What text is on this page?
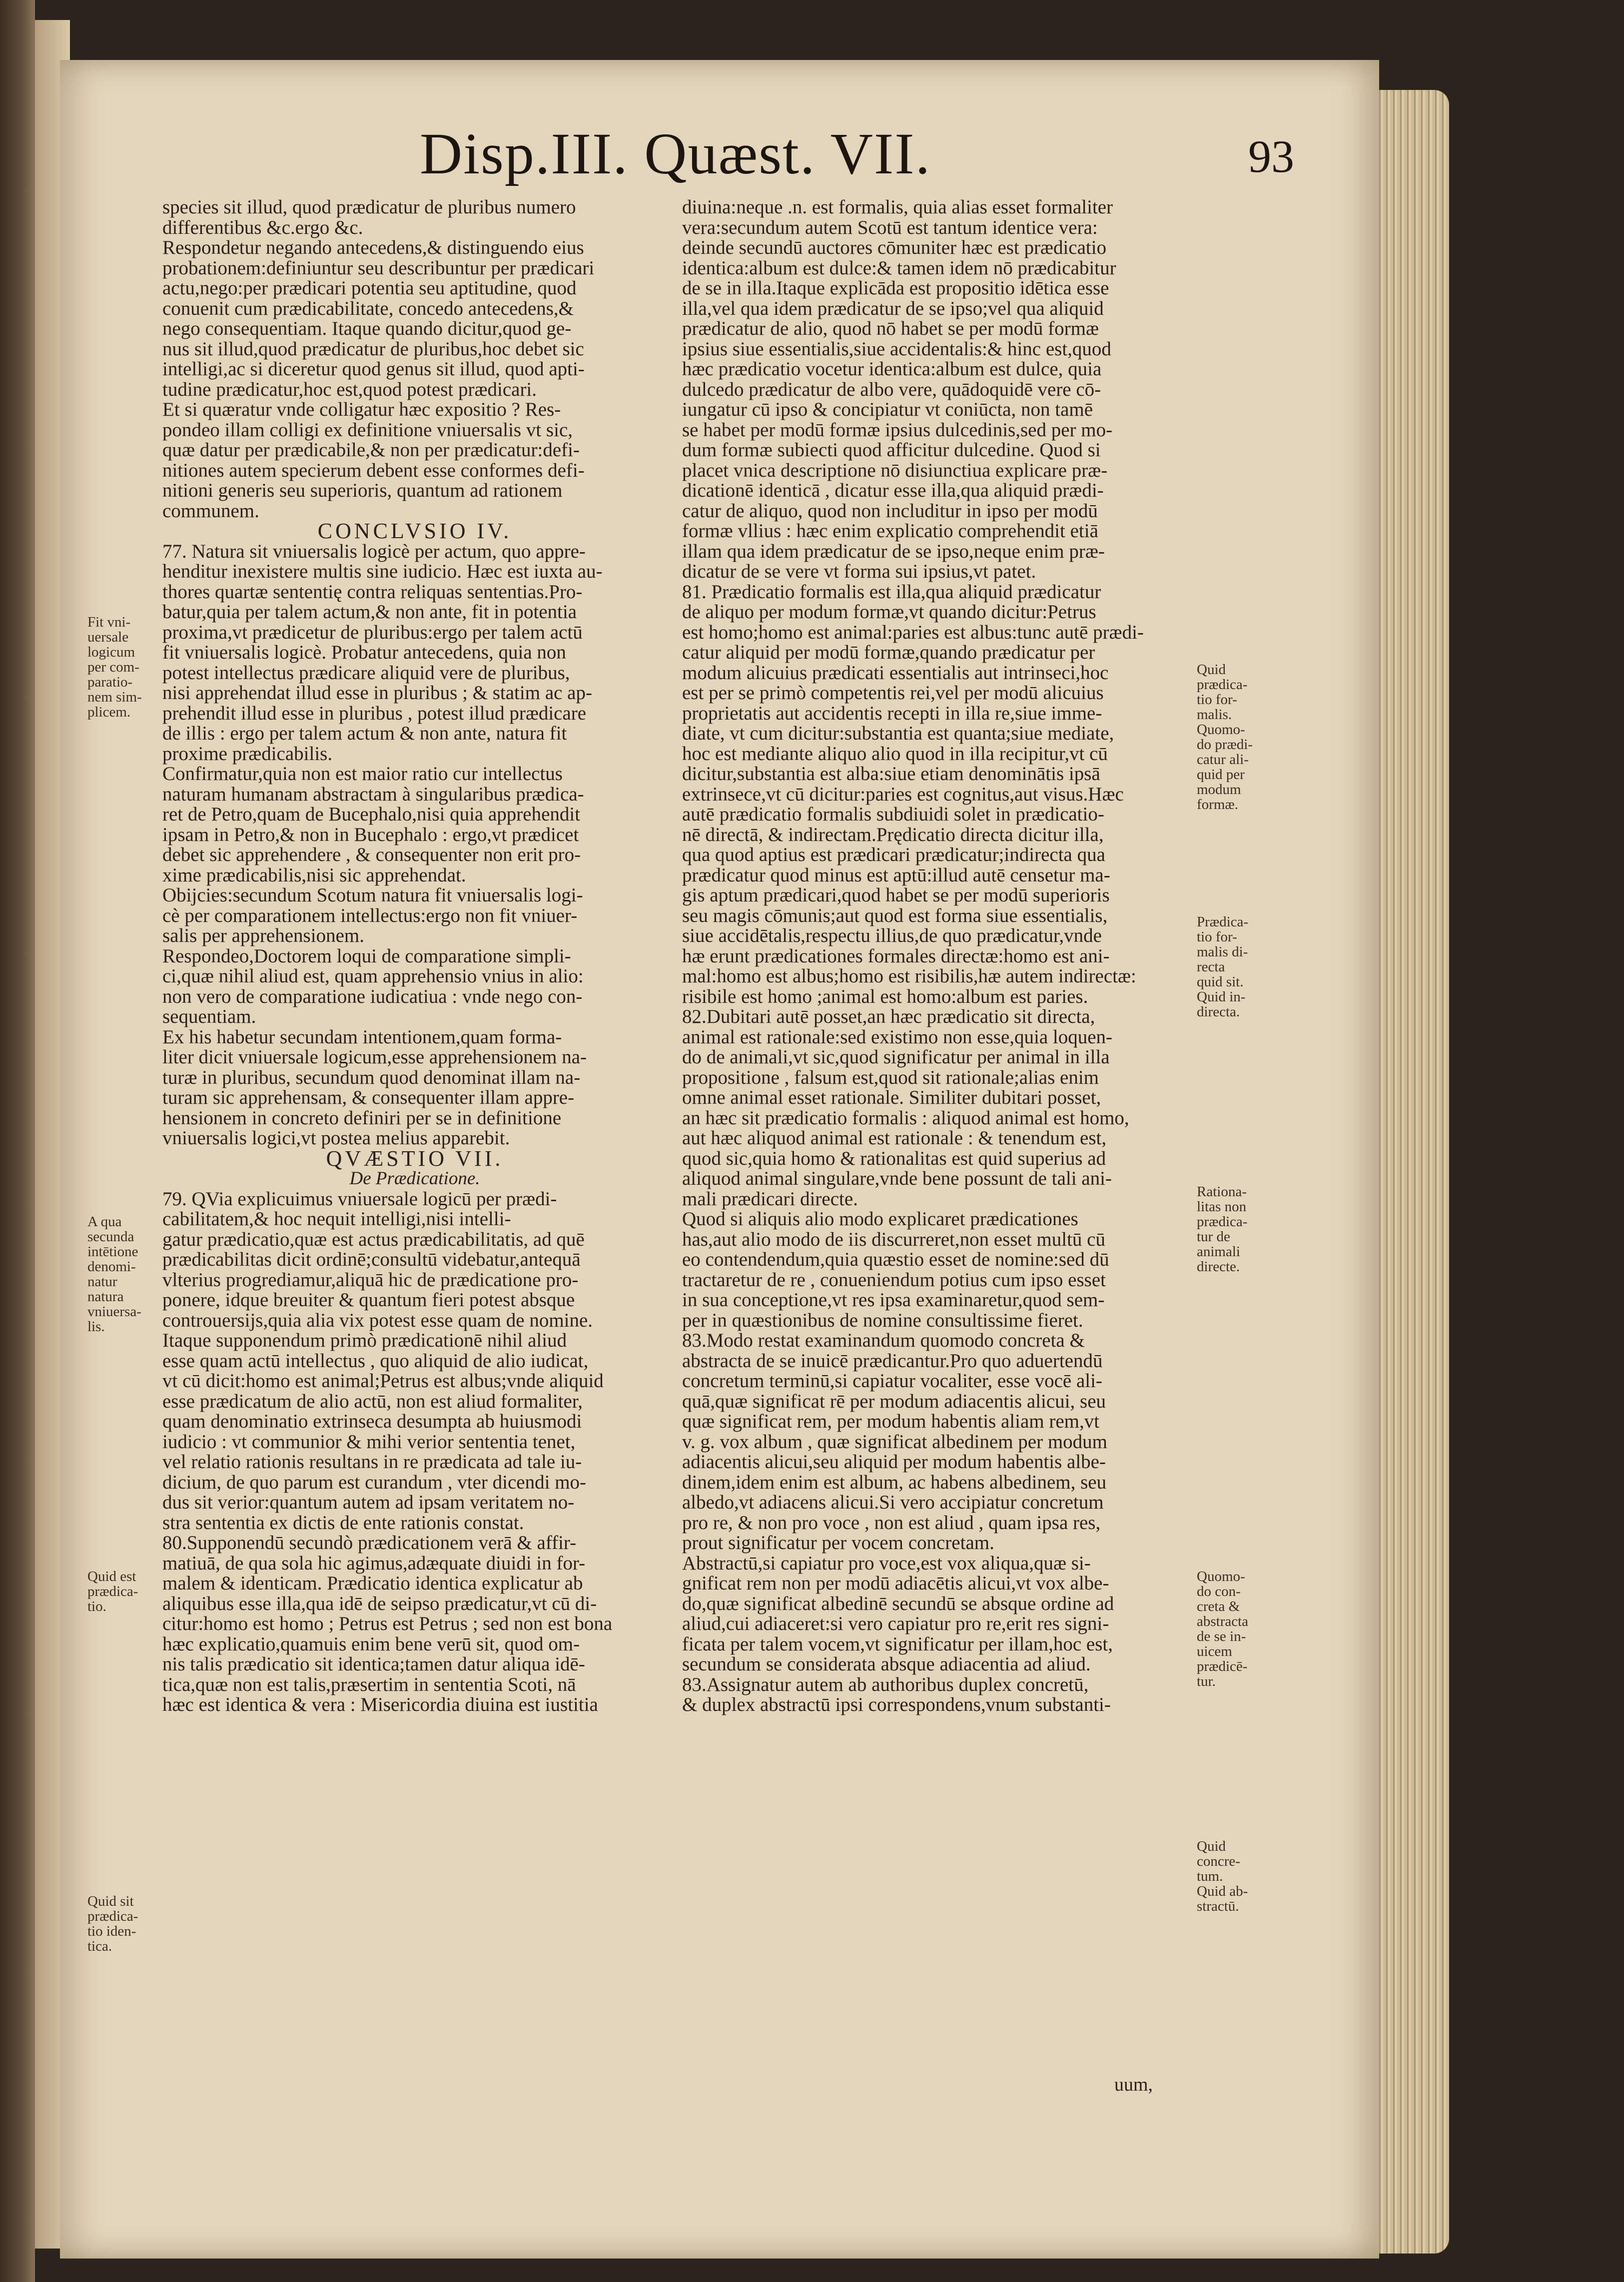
Disp.III. Quæst. VII.	93

species sit illud, quod prædicatur de pluribus numero
differentibus &c.ergo &c.
Respondetur negando antecedens,& distinguendo eius
probationem:definiuntur seu describuntur per prædicari
actu,nego:per prædicari potentia seu aptitudine, quod
conuenit cum prædicabilitate, concedo antecedens,&
nego consequentiam. Itaque quando dicitur,quod ge-
nus sit illud,quod prædicatur de pluribus,hoc debet sic
intelligi,ac si diceretur quod genus sit illud, quod apti-
tudine prædicatur,hoc est,quod potest prædicari.
Et si quæratur vnde colligatur hæc expositio ? Res-
pondeo illam colligi ex definitione vniuersalis vt sic,
quæ datur per prædicabile,& non per prædicatur:defi-
nitiones autem specierum debent esse conformes defi-
nitioni generis seu superioris, quantum ad rationem
communem.

CONCLVSIO IV.

77. Natura sit vniuersalis logicè per actum, quo appre-
henditur inexistere multis sine iudicio. Hæc est iuxta au-
thores quartæ sententię contra reliquas sententias.Pro-
batur,quia per talem actum,& non ante, fit in potentia
proxima,vt prædicetur de pluribus:ergo per talem actū
fit vniuersalis logicè. Probatur antecedens, quia non
potest intellectus prædicare aliquid vere de pluribus,
nisi apprehendat illud esse in pluribus ; & statim ac ap-
prehendit illud esse in pluribus , potest illud prædicare
de illis : ergo per talem actum & non ante, natura fit
proxime prædicabilis.
Confirmatur,quia non est maior ratio cur intellectus
naturam humanam abstractam à singularibus prædica-
ret de Petro,quam de Bucephalo,nisi quia apprehendit
ipsam in Petro,& non in Bucephalo : ergo,vt prædicet
debet sic apprehendere , & consequenter non erit pro-
xime prædicabilis,nisi sic apprehendat.
Obijcies:secundum Scotum natura fit vniuersalis logi-
cè per comparationem intellectus:ergo non fit vniuer-
salis per apprehensionem.
Respondeo,Doctorem loqui de comparatione simpli-
ci,quæ nihil aliud est, quam apprehensio vnius in alio:
non vero de comparatione iudicatiua : vnde nego con-
sequentiam.
Ex his habetur secundam intentionem,quam forma-
liter dicit vniuersale logicum,esse apprehensionem na-
turæ in pluribus, secundum quod denominat illam na-
turam sic apprehensam, & consequenter illam appre-
hensionem in concreto definiri per se in definitione
vniuersalis logici,vt postea melius apparebit.

QVÆSTIO VII.

De Prædicatione.

79. QVia explicuimus vniuersale logicū per prædi-
cabilitatem,& hoc nequit intelligi,nisi intelli-
gatur prædicatio,quæ est actus prædicabilitatis, ad quē
prædicabilitas dicit ordinē;consultū videbatur,antequā
vlterius progrediamur,aliquā hic de prædicatione pro-
ponere, idque breuiter & quantum fieri potest absque
controuersijs,quia alia vix potest esse quam de nomine.
Itaque supponendum primò prædicationē nihil aliud
esse quam actū intellectus , quo aliquid de alio iudicat,
vt cū dicit:homo est animal;Petrus est albus;vnde aliquid
esse prædicatum de alio actū, non est aliud formaliter,
quam denominatio extrinseca desumpta ab huiusmodi
iudicio : vt communior & mihi verior sententia tenet,
vel relatio rationis resultans in re prædicata ad tale iu-
dicium, de quo parum est curandum , vter dicendi mo-
dus sit verior:quantum autem ad ipsam veritatem no-
stra sententia ex dictis de ente rationis constat.
80.Supponendū secundò prædicationem verā & affir-
matiuā, de qua sola hic agimus,adæquate diuidi in for-
malem & identicam. Prædicatio identica explicatur ab
aliquibus esse illa,qua idē de seipso prædicatur,vt cū di-
citur:homo est homo ; Petrus est Petrus ; sed non est bona
hæc explicatio,quamuis enim bene verū sit, quod om-
nis talis prædicatio sit identica;tamen datur aliqua idē-
tica,quæ non est talis,præsertim in sententia Scoti, nā
hæc est identica & vera : Misericordia diuina est iustitia

diuina:neque .n. est formalis, quia alias esset formaliter
vera:secundum autem Scotū est tantum identice vera:
deinde secundū auctores cōmuniter hæc est prædicatio
identica:album est dulce:& tamen idem nō prædicabitur
de se in illa.Itaque explicāda est propositio idētica esse
illa,vel qua idem prædicatur de se ipso;vel qua aliquid
prædicatur de alio, quod nō habet se per modū formæ
ipsius siue essentialis,siue accidentalis:& hinc est,quod
hæc prædicatio vocetur identica:album est dulce, quia
dulcedo prædicatur de albo vere, quādoquidē vere cō-
iungatur cū ipso & concipiatur vt coniūcta, non tamē
se habet per modū formæ ipsius dulcedinis,sed per mo-
dum formæ subiecti quod afficitur dulcedine. Quod si
placet vnica descriptione nō disiunctiua explicare præ-
dicationē identicā , dicatur esse illa,qua aliquid prædi-
catur de aliquo, quod non includitur in ipso per modū
formæ vllius : hæc enim explicatio comprehendit etiā
illam qua idem prædicatur de se ipso,neque enim præ-
dicatur de se vere vt forma sui ipsius,vt patet.

81. Prædicatio formalis est illa,qua aliquid prædicatur
de aliquo per modum formæ,vt quando dicitur:Petrus
est homo;homo est animal:paries est albus:tunc autē prædi-
catur aliquid per modū formæ,quando prædicatur per
modum alicuius prædicati essentialis aut intrinseci,hoc
est per se primò competentis rei,vel per modū alicuius
proprietatis aut accidentis recepti in illa re,siue imme-
diate, vt cum dicitur:substantia est quanta;siue mediate,
hoc est mediante aliquo alio quod in illa recipitur,vt cū
dicitur,substantia est alba:siue etiam denominātis ipsā
extrinsece,vt cū dicitur:paries est cognitus,aut visus.Hæc
autē prædicatio formalis subdiuidi solet in prædicatio-
nē directā, & indirectam.Prędicatio directa dicitur illa,
qua quod aptius est prædicari prædicatur;indirecta qua
prædicatur quod minus est aptū:illud autē censetur ma-
gis aptum prædicari,quod habet se per modū superioris
seu magis cōmunis;aut quod est forma siue essentialis,
siue accidētalis,respectu illius,de quo prædicatur,vnde
hæ erunt prædicationes formales directæ:homo est ani-
mal:homo est albus;homo est risibilis,hæ autem indirectæ:
risibile est homo ;animal est homo:album est paries.

82.Dubitari autē posset,an hæc prædicatio sit directa,
animal est rationale:sed existimo non esse,quia loquen-
do de animali,vt sic,quod significatur per animal in illa
propositione , falsum est,quod sit rationale;alias enim
omne animal esset rationale. Similiter dubitari posset,
an hæc sit prædicatio formalis : aliquod animal est homo,
aut hæc aliquod animal est rationale : & tenendum est,
quod sic,quia homo & rationalitas est quid superius ad
aliquod animal singulare,vnde bene possunt de tali ani-
mali prædicari directe.
Quod si aliquis alio modo explicaret prædicationes
has,aut alio modo de iis discurreret,non esset multū cū
eo contendendum,quia quæstio esset de nomine:sed dū
tractaretur de re , conueniendum potius cum ipso esset
in sua conceptione,vt res ipsa examinaretur,quod sem-
per in quæstionibus de nomine consultissime fieret.

83.Modo restat examinandum quomodo concreta &
abstracta de se inuicē prædicantur.Pro quo aduertendū
concretum terminū,si capiatur vocaliter, esse vocē ali-
quā,quæ significat rē per modum adiacentis alicui, seu
quæ significat rem, per modum habentis aliam rem,vt
v. g. vox album , quæ significat albedinem per modum
adiacentis alicui,seu aliquid per modum habentis albe-
dinem,idem enim est album, ac habens albedinem, seu
albedo,vt adiacens alicui.Si vero accipiatur concretum
pro re, & non pro voce , non est aliud , quam ipsa res,
prout significatur per vocem concretam.
Abstractū,si capiatur pro voce,est vox aliqua,quæ si-
gnificat rem non per modū adiacētis alicui,vt vox albe-
do,quæ significat albedinē secundū se absque ordine ad
aliud,cui adiaceret:si vero capiatur pro re,erit res signi-
ficata per talem vocem,vt significatur per illam,hoc est,
secundum se considerata absque adiacentia ad aliud.
83.Assignatur autem ab authoribus duplex concretū,
& duplex abstractū ipsi correspondens,vnum substanti-

Fit vni-
uersale
logicum
per com-
paratio-
nem sim-
plicem.
A qua
secunda
intētione
denomi-
natur
natura
vniuersa-
lis.
Quid est
prædica-
tio.
Quid sit
prædica-
tio iden-
tica.
Quid
prædica-
tio for-
malis.
Quomo-
do prædi-
catur ali-
quid per
modum
formæ.
Prædica-
tio for-
malis di-
recta
quid sit.
Quid in-
directa.
Rationa-
litas non
prædica-
tur de
animali
directe.
Quomo-
do con-
creta &
abstracta
de se in-
uicem
prædicē-
tur.
Quid
concre-
tum.
Quid ab-
stractū.
uum,
